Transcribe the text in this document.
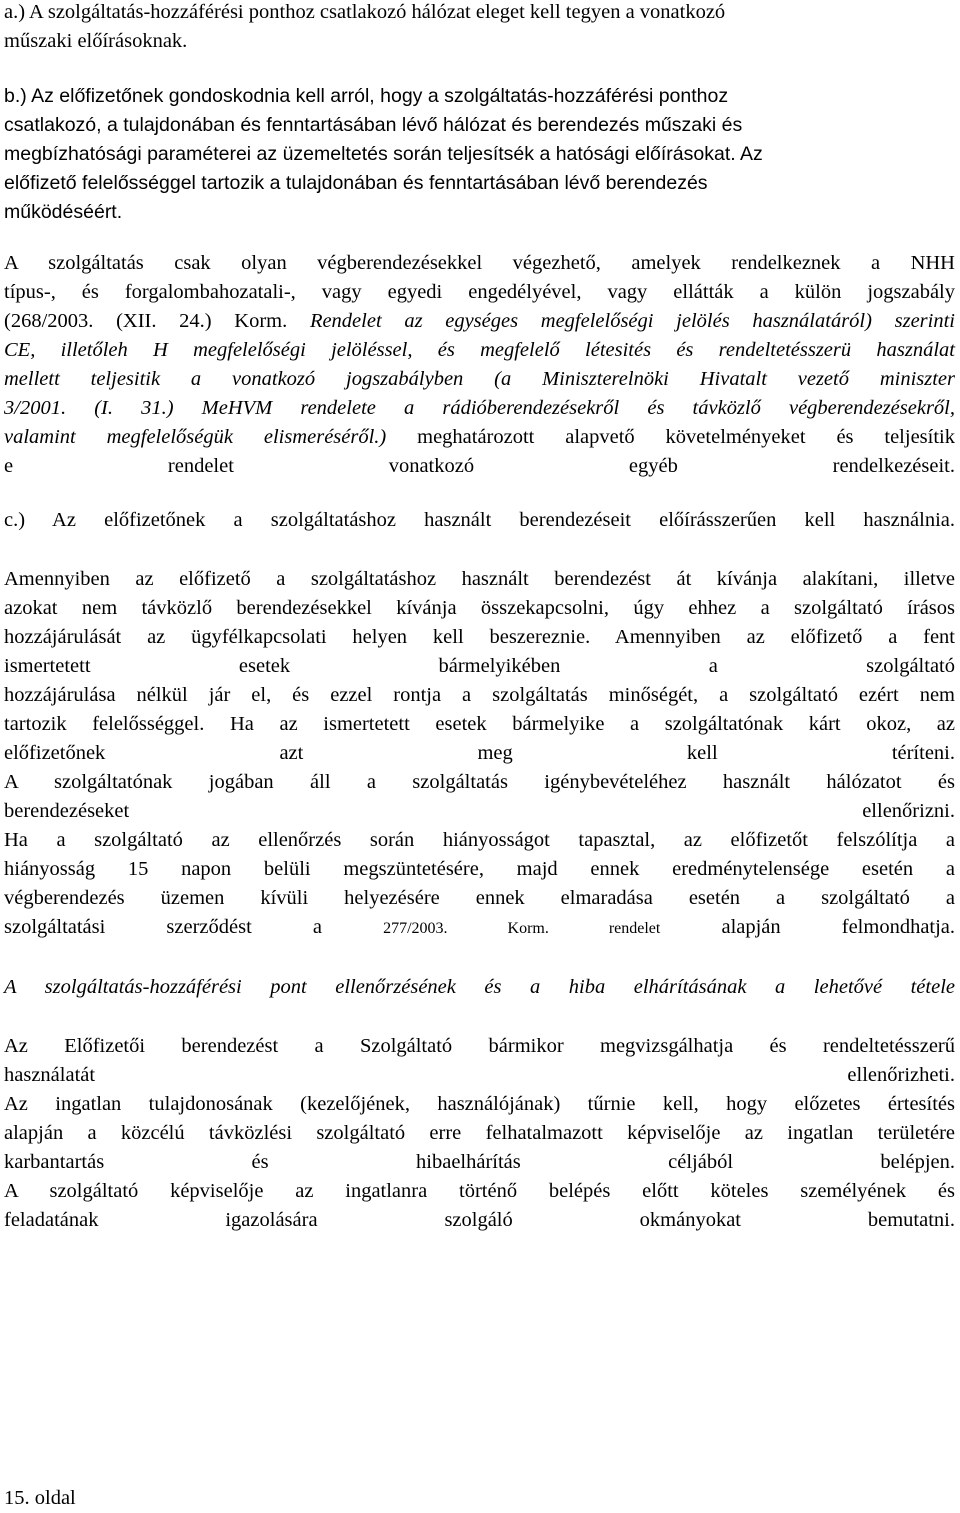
a.) A szolgáltatás-hozzáférési ponthoz csatlakozó hálózat eleget kell tegyen a vonatkozó
műszaki előírásoknak.
b.) Az előfizetőnek gondoskodnia kell arról, hogy a szolgáltatás-hozzáférési ponthoz
csatlakozó, a tulajdonában és fenntartásában lévő hálózat és berendezés műszaki és
megbízhatósági paraméterei az üzemeltetés során teljesítsék a hatósági előírásokat. Az
előfizető felelősséggel tartozik a tulajdonában és fenntartásában lévő berendezés
működéséért.
A szolgáltatás csak olyan végberendezésekkel végezhető, amelyek rendelkeznek a NHH
típus-, és forgalombahozatali-, vagy egyedi engedélyével, vagy ellátták a külön jogszabály
(268/2003. (XII. 24.) Korm. Rendelet az egységes megfelelőségi jelölés használatáról) szerinti
CE, illetőleh H megfelelőségi jelöléssel, és megfelelő létesités és rendeltetésszerü használat
mellett teljesitik a vonatkozó jogszabályben (a Miniszterelnöki Hivatalt vezető miniszter
3/2001. (I. 31.) MeHVM rendelete a rádióberendezésekről és távközlő végberendezésekről,
valamint megfelelőségük elismeréséről.) meghatározott alapvető követelményeket és teljesítik
e rendelet vonatkozó egyéb rendelkezéseit.
c.) Az előfizetőnek a szolgáltatáshoz használt berendezéseit előírásszerűen kell használnia.
Amennyiben az előfizető a szolgáltatáshoz használt berendezést át kívánja alakítani, illetve
azokat nem távközlő berendezésekkel kívánja összekapcsolni, úgy ehhez a szolgáltató írásos
hozzájárulását az ügyfélkapcsolati helyen kell beszereznie. Amennyiben az előfizető a fent
ismertetett esetek bármelyikében a szolgáltató
hozzájárulása nélkül jár el, és ezzel rontja a szolgáltatás minőségét, a szolgáltató ezért nem
tartozik felelősséggel. Ha az ismertetett esetek bármelyike a szolgáltatónak kárt okoz, az
előfizetőnek azt meg kell téríteni.
A szolgáltatónak jogában áll a szolgáltatás igénybevételéhez használt hálózatot és
berendezéseket ellenőrizni.
Ha a szolgáltató az ellenőrzés során hiányosságot tapasztal, az előfizetőt felszólítja a
hiányosság 15 napon belüli megszüntetésére, majd ennek eredménytelensége esetén a
végberendezés üzemen kívüli helyezésére ennek elmaradása esetén a szolgáltató a
szolgáltatási szerződést a	277/2003. Korm. rendelet	alapján felmondhatja.
A szolgáltatás-hozzáférési pont ellenőrzésének és a hiba elhárításának a lehetővé tétele
Az Előfizetői berendezést a Szolgáltató bármikor megvizsgálhatja és rendeltetésszerű
használatát ellenőrizheti.
Az ingatlan tulajdonosának (kezelőjének, használójának) tűrnie kell, hogy előzetes értesítés
alapján a közcélú távközlési szolgáltató erre felhatalmazott képviselője az ingatlan területére
karbantartás és hibaelhárítás céljából belépjen.
A szolgáltató képviselője az ingatlanra történő belépés előtt köteles személyének és
feladatának igazolására szolgáló okmányokat bemutatni.
15. oldal
